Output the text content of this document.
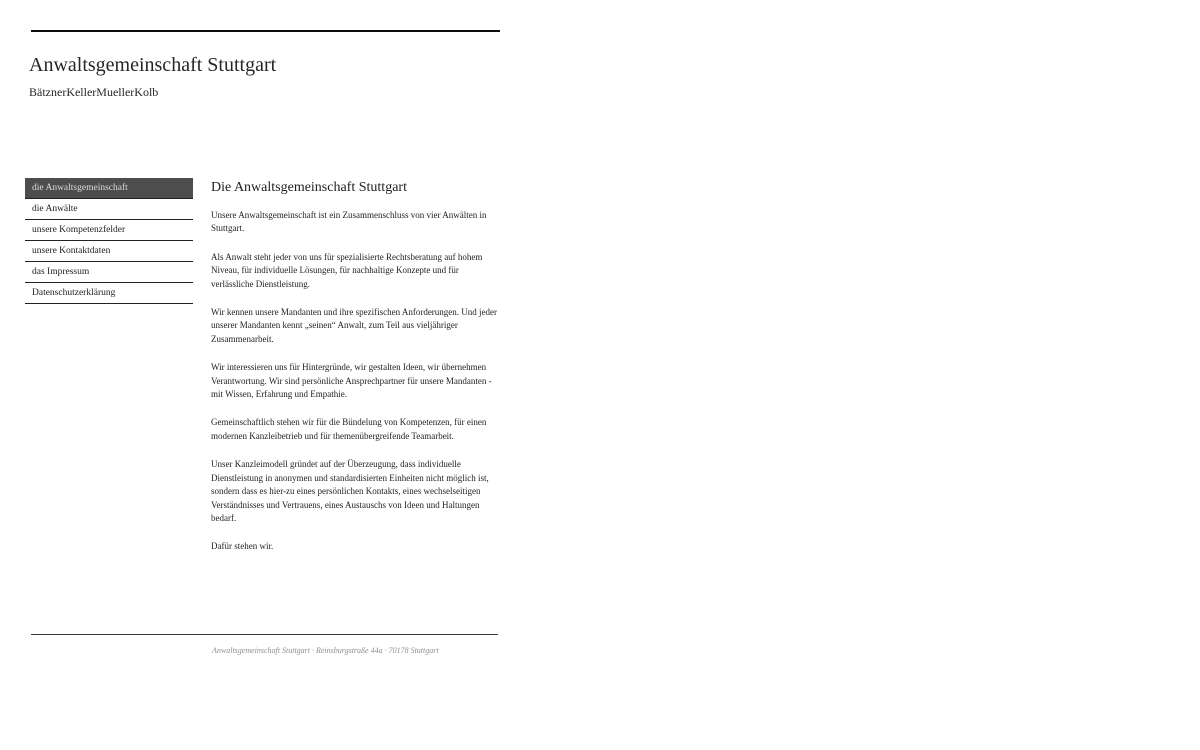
Anwaltsgemeinschaft Stuttgart
BätznerKellerMuellerKolb
die Anwaltsgemeinschaft
die Anwälte
unsere Kompetenzfelder
unsere Kontaktdaten
das Impressum
Datenschutzerklärung
Die Anwaltsgemeinschaft Stuttgart

Unsere Anwaltsgemeinschaft ist ein Zusammenschluss von vier Anwälten in Stuttgart.

Als Anwalt steht jeder von uns für spezialisierte Rechtsberatung auf hohem Niveau, für individuelle Lösungen, für nachhaltige Konzepte und für verlässliche Dienstleistung.

Wir kennen unsere Mandanten und ihre spezifischen Anforderungen. Und jeder unserer Mandanten kennt „seinen“ Anwalt, zum Teil aus vieljähriger Zusammenarbeit.

Wir interessieren uns für Hintergründe, wir gestalten Ideen, wir übernehmen Verantwortung. Wir sind persönliche Ansprechpartner für unsere Mandanten - mit Wissen, Erfahrung und Empathie.

Gemeinschaftlich stehen wir für die Bündelung von Kompetenzen, für einen modernen Kanzleibetrieb und für themenübergreifende Teamarbeit.

Unser Kanzleimodell gründet auf der Überzeugung, dass individuelle Dienstleistung in anonymen und standardisierten Einheiten nicht möglich ist, sondern dass es hier-zu eines persönlichen Kontakts, eines wechselseitigen Verständnisses und Vertrauens, eines Austauschs von Ideen und Haltungen bedarf.

Dafür stehen wir.

Anwaltsgemeinschaft Stuttgart · Reinsburgstraße 44a · 70178 Stuttgart
